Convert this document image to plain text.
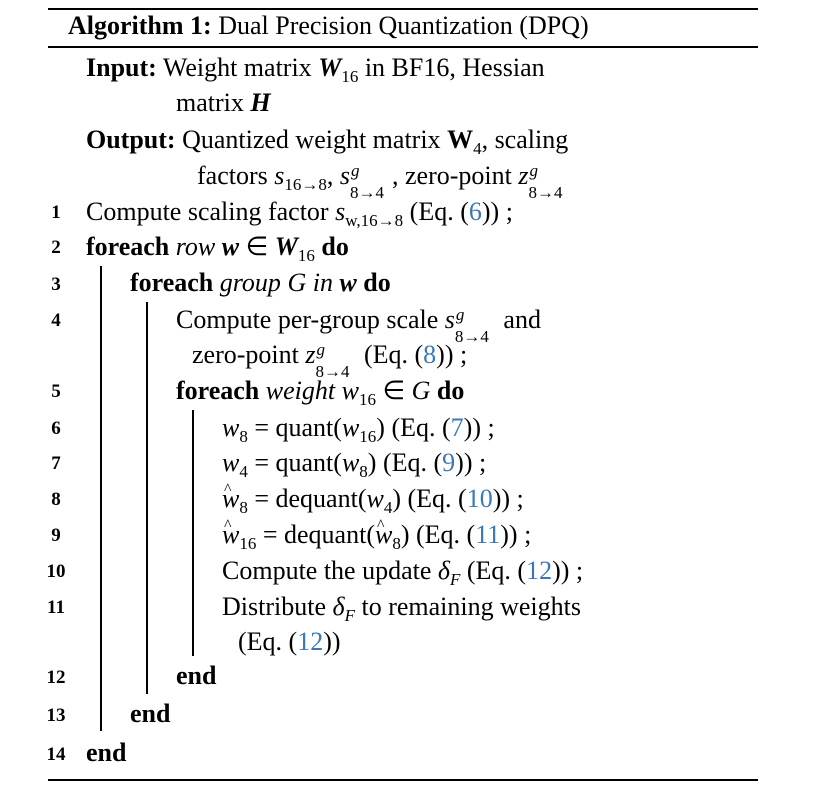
Algorithm 1: Dual Precision Quantization (DPQ)
Input: Weight matrix $W_{16}$ in BF16, Hessian
matrix H
Output: Quantized weight matrix $W_4$, scaling
factors $s_{16\to 8}$, s g
8→4
, zero-point z g
8→4
1
2
3
4
5
6
7
8
9
10
11
12
13
14
Compute scaling factor $s_{w,16\to 8}$ (Eq. (6)) ;
foreach row w ∈ $W_{16}$ do
foreach group G in w do
Compute per-group scale s g
8→4
and
zero-point z g
8→4
(Eq. (8)) ;
foreach weight $w_{16}$ ∈ G do
$w_8$ = $quant(w_{16})$ (Eq. (7)) ;
$w_4$ = $quant(w_8)$ (Eq. (9)) ;
^ $w_8$ = $dequant(w_4)$ (Eq. (10)) ;
^ $w_{16}$ = dequant(^ $w_8$) (Eq. (11)) ;
Compute the update $\delta_F$ (Eq. (12)) ;
Distribute $\delta_F$ to remaining weights
(Eq. (12))
end
end
end
